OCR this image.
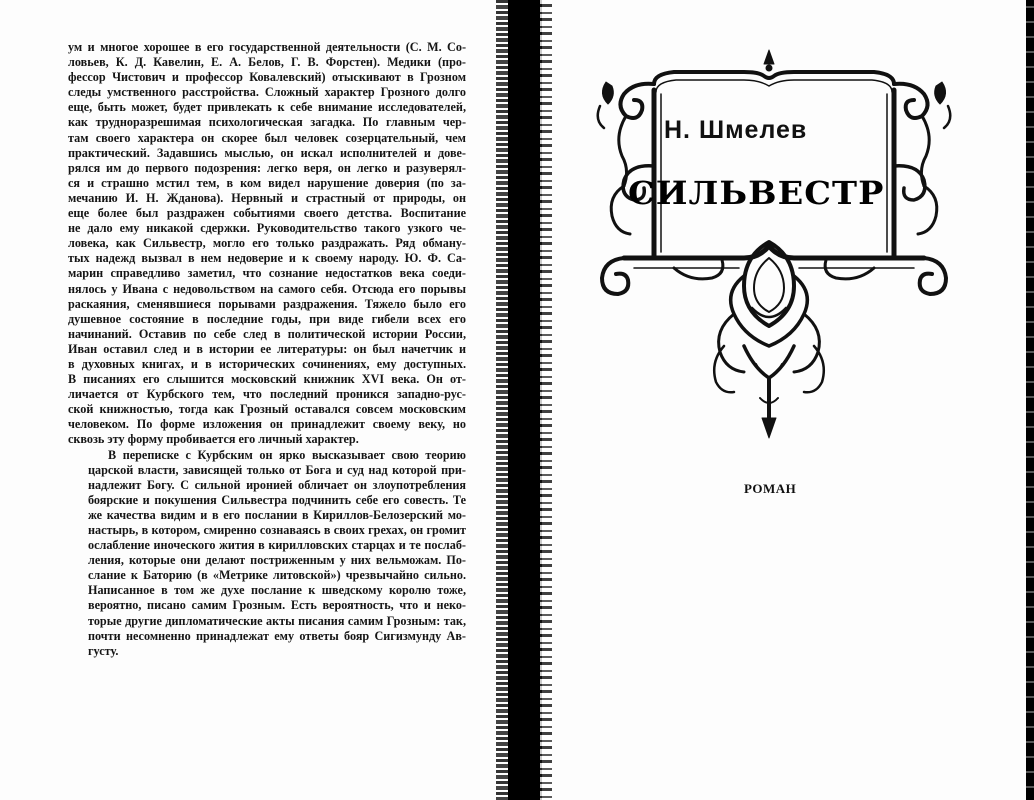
ум и многое хорошее в его государственной деятельности (С. М. Со-
ловьев, К. Д. Кавелин, Е. А. Белов, Г. В. Форстен). Медики (про-
фессор Чистович и профессор Ковалевский) отыскивают в Грозном
следы умственного расстройства. Сложный характер Грозного долго
еще, быть может, будет привлекать к себе внимание исследователей,
как трудноразрешимая психологическая загадка. По главным чер-
там своего характера он скорее был человек созерцательный, чем
практический. Задавшись мыслью, он искал исполнителей и дове-
рялся им до первого подозрения: легко веря, он легко и разуверял-
ся и страшно мстил тем, в ком видел нарушение доверия (по за-
мечанию И. Н. Жданова). Нервный и страстный от природы, он
еще более был раздражен событиями своего детства. Воспитание
не дало ему никакой сдержки. Руководительство такого узкого че-
ловека, как Сильвестр, могло его только раздражать. Ряд обману-
тых надежд вызвал в нем недоверие и к своему народу. Ю. Ф. Са-
марин справедливо заметил, что сознание недостатков века соеди-
нялось у Ивана с недовольством на самого себя. Отсюда его порывы
раскаяния, сменявшиеся порывами раздражения. Тяжело было его
душевное состояние в последние годы, при виде гибели всех его
начинаний. Оставив по себе след в политической истории России,
Иван оставил след и в истории ее литературы: он был начетчик и
в духовных книгах, и в исторических сочинениях, ему доступных.
В писаниях его слышится московский книжник XVI века. Он от-
личается от Курбского тем, что последний проникся западно-рус-
ской книжностью, тогда как Грозный оставался совсем московским
человеком. По форме изложения он принадлежит своему веку, но
сквозь эту форму пробивается его личный характер.

В переписке с Курбским он ярко высказывает свою теорию
царской власти, зависящей только от Бога и суд над которой при-
надлежит Богу. С сильной иронией обличает он злоупотребления
боярские и покушения Сильвестра подчинить себе его совесть. Те
же качества видим и в его послании в Кириллов-Белозерский мо-
настырь, в котором, смиренно сознаваясь в своих грехах, он громит
ослабление иноческого жития в кирилловских старцах и те послаб-
ления, которые они делают постриженным у них вельможам. По-
слание к Баторию (в «Метрике литовской») чрезвычайно сильно.
Написанное в том же духе послание к шведскому королю тоже,
вероятно, писано самим Грозным. Есть вероятность, что и неко-
торые другие дипломатические акты писания самим Грозным: так,
почти несомненно принадлежат ему ответы бояр Сигизмунду Ав-
густу.

Н. Шмелев
СИЛЬВЕСТР
РОМАН
